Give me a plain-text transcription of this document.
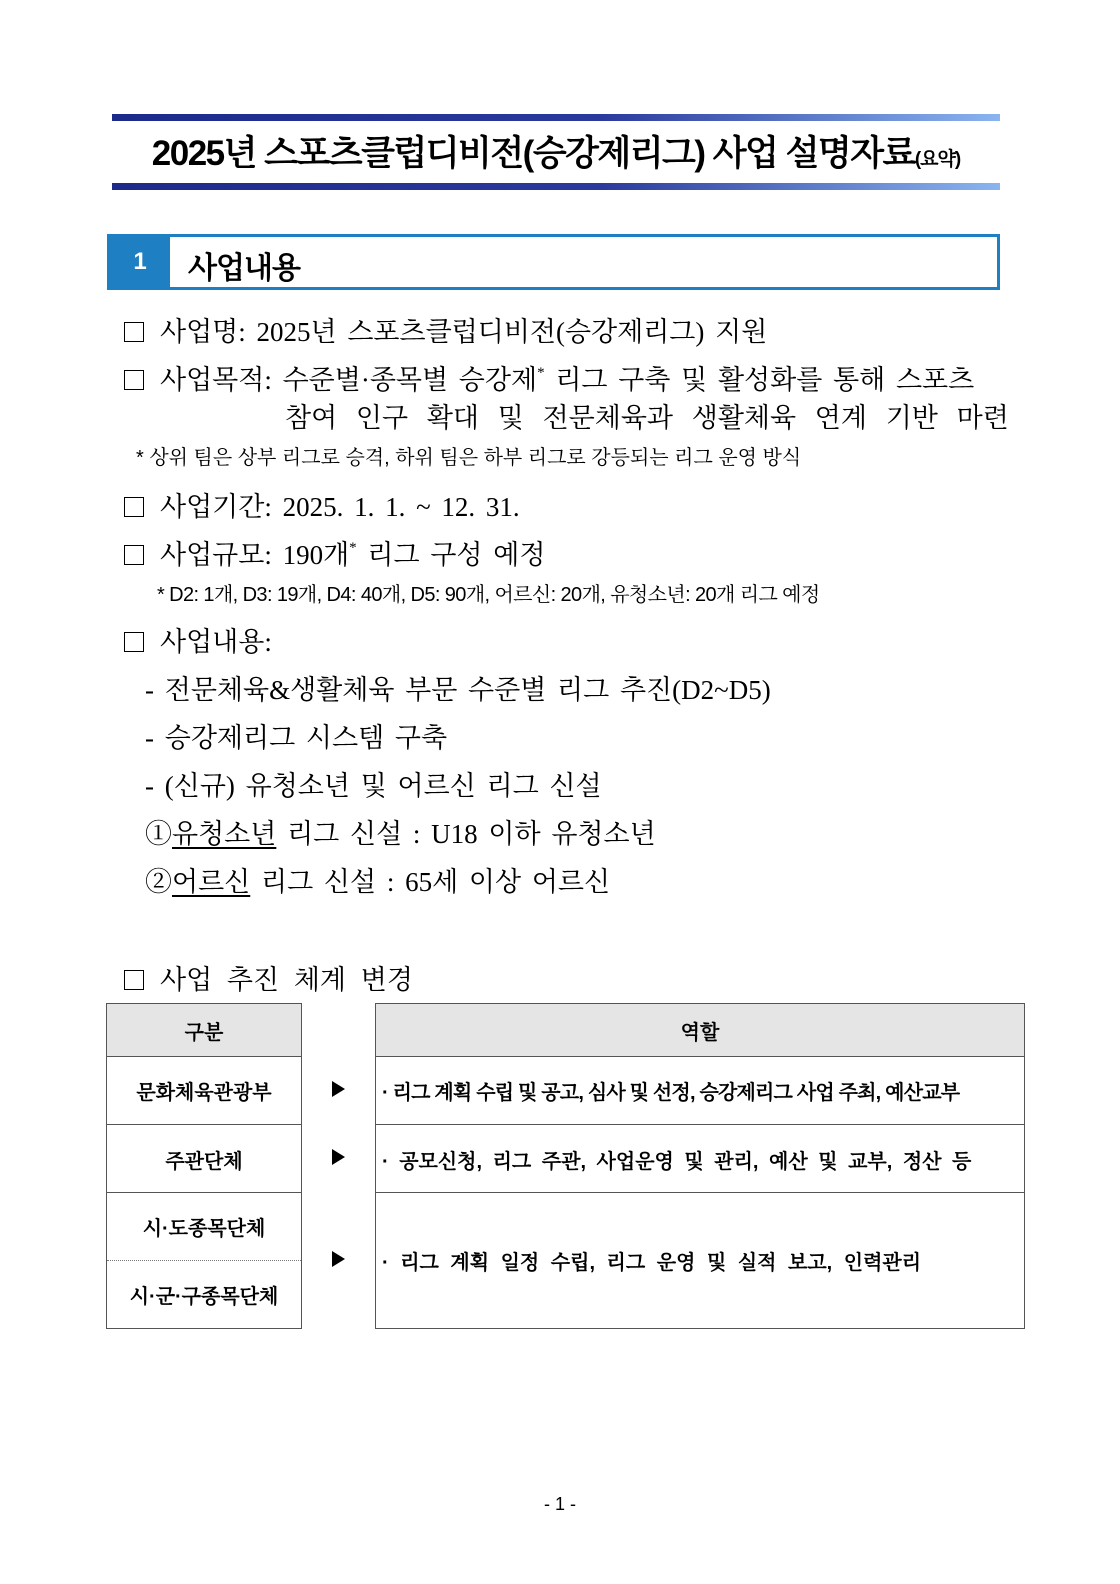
2025년 스포츠클럽디비전(승강제리그) 사업 설명자료(요약)
1	사업내용
사업명: 2025년 스포츠클럽디비전(승강제리그) 지원
사업목적: 수준별·종목별 승강제* 리그 구축 및 활성화를 통해 스포츠
참여 인구 확대 및 전문체육과 생활체육 연계 기반 마련
* 상위 팀은 상부 리그로 승격, 하위 팀은 하부 리그로 강등되는 리그 운영 방식
사업기간: 2025. 1. 1. ~ 12. 31.
사업규모: 190개* 리그 구성 예정
* D2: 1개, D3: 19개, D4: 40개, D5: 90개, 어르신: 20개, 유청소년: 20개 리그 예정
사업내용:
- 전문체육&생활체육 부문 수준별 리그 추진(D2~D5)
- 승강제리그 시스템 구축
- (신규) 유청소년 및 어르신 리그 신설
①유청소년 리그 신설 : U18 이하 유청소년
②어르신 리그 신설 : 65세 이상 어르신
사업 추진 체계 변경
구분
문화체육관광부
주관단체
시·도종목단체
시·군·구종목단체
역할
· 리그 계획 수립 및 공고, 심사 및 선정, 승강제리그 사업 주최, 예산교부
· 공모신청, 리그 주관, 사업운영 및 관리, 예산 및 교부, 정산 등
· 리그 계획 일정 수립, 리그 운영 및 실적 보고, 인력관리
- 1 -
